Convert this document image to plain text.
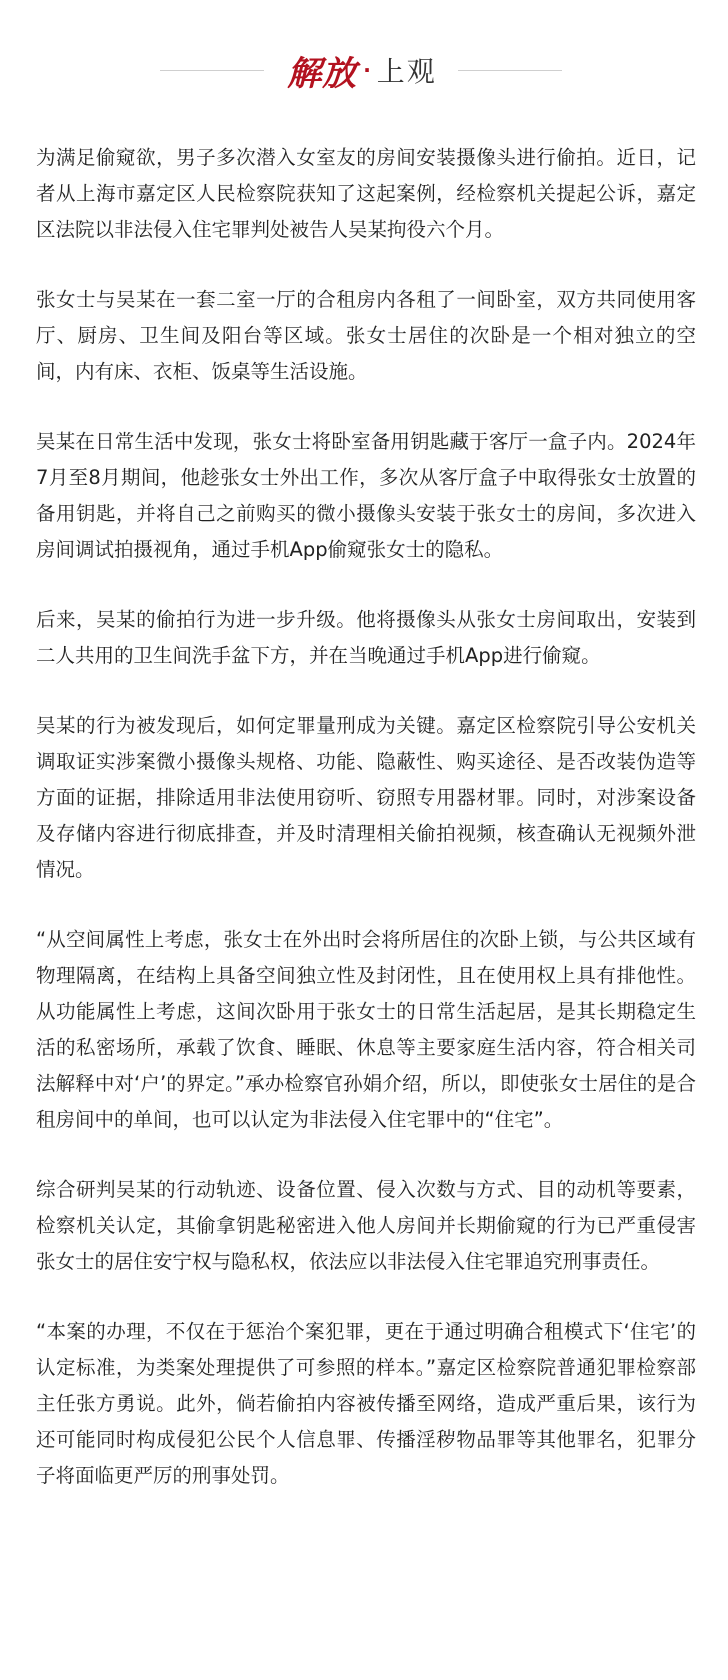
解放 · 上观

为满足偷窥欲，男子多次潜入女室友的房间安装摄像头进行偷拍。近日，记者从上海市嘉定区人民检察院获知了这起案例，经检察机关提起公诉，嘉定区法院以非法侵入住宅罪判处被告人吴某拘役六个月。

张女士与吴某在一套二室一厅的合租房内各租了一间卧室，双方共同使用客厅、厨房、卫生间及阳台等区域。张女士居住的次卧是一个相对独立的空间，内有床、衣柜、饭桌等生活设施。

吴某在日常生活中发现，张女士将卧室备用钥匙藏于客厅一盒子内。2024年7月至8月期间，他趁张女士外出工作，多次从客厅盒子中取得张女士放置的备用钥匙，并将自己之前购买的微小摄像头安装于张女士的房间，多次进入房间调试拍摄视角，通过手机App偷窥张女士的隐私。

后来，吴某的偷拍行为进一步升级。他将摄像头从张女士房间取出，安装到二人共用的卫生间洗手盆下方，并在当晚通过手机App进行偷窥。

吴某的行为被发现后，如何定罪量刑成为关键。嘉定区检察院引导公安机关调取证实涉案微小摄像头规格、功能、隐蔽性、购买途径、是否改装伪造等方面的证据，排除适用非法使用窃听、窃照专用器材罪。同时，对涉案设备及存储内容进行彻底排查，并及时清理相关偷拍视频，核查确认无视频外泄情况。

“从空间属性上考虑，张女士在外出时会将所居住的次卧上锁，与公共区域有物理隔离，在结构上具备空间独立性及封闭性，且在使用权上具有排他性。从功能属性上考虑，这间次卧用于张女士的日常生活起居，是其长期稳定生活的私密场所，承载了饮食、睡眠、休息等主要家庭生活内容，符合相关司法解释中对‘户’的界定。”承办检察官孙娟介绍，所以，即使张女士居住的是合租房间中的单间，也可以认定为非法侵入住宅罪中的“住宅”。

综合研判吴某的行动轨迹、设备位置、侵入次数与方式、目的动机等要素，检察机关认定，其偷拿钥匙秘密进入他人房间并长期偷窥的行为已严重侵害张女士的居住安宁权与隐私权，依法应以非法侵入住宅罪追究刑事责任。

“本案的办理，不仅在于惩治个案犯罪，更在于通过明确合租模式下‘住宅’的认定标准，为类案处理提供了可参照的样本。”嘉定区检察院普通犯罪检察部主任张方勇说。此外，倘若偷拍内容被传播至网络，造成严重后果，该行为还可能同时构成侵犯公民个人信息罪、传播淫秽物品罪等其他罪名，犯罪分子将面临更严厉的刑事处罚。
